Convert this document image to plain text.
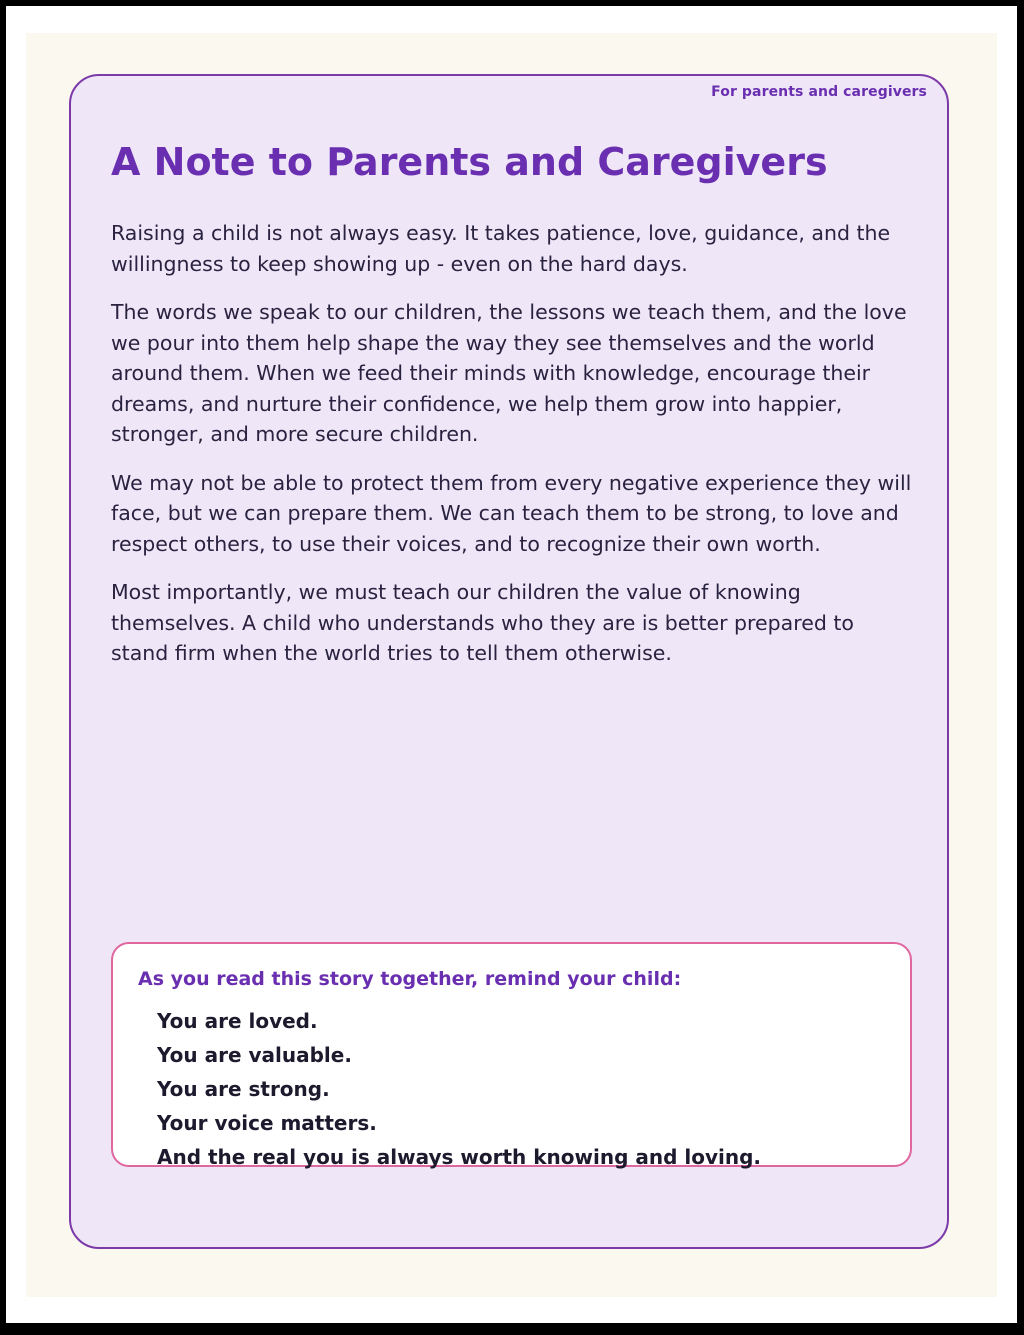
For parents and caregivers

A Note to Parents and Caregivers

Raising a child is not always easy. It takes patience, love, guidance, and the willingness to keep showing up - even on the hard days.

The words we speak to our children, the lessons we teach them, and the love we pour into them help shape the way they see themselves and the world around them. When we feed their minds with knowledge, encourage their dreams, and nurture their confidence, we help them grow into happier, stronger, and more secure children.

We may not be able to protect them from every negative experience they will face, but we can prepare them. We can teach them to be strong, to love and respect others, to use their voices, and to recognize their own worth.

Most importantly, we must teach our children the value of knowing themselves. A child who understands who they are is better prepared to stand firm when the world tries to tell them otherwise.

As you read this story together, remind your child:

You are loved.
You are valuable.
You are strong.
Your voice matters.
And the real you is always worth knowing and loving.
